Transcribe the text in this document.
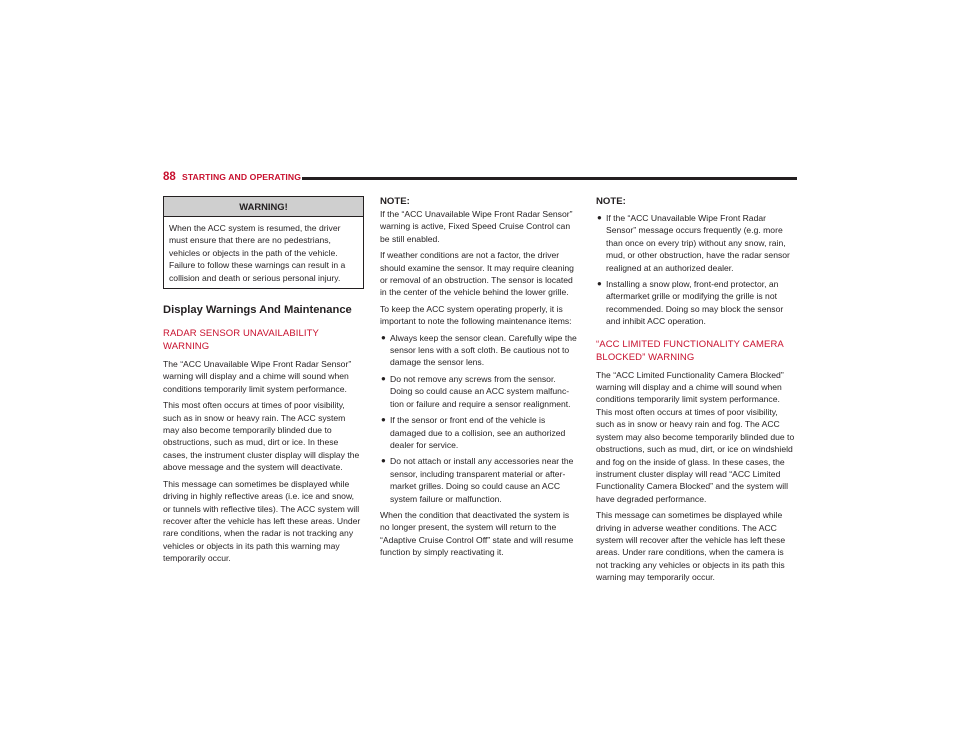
88 STARTING AND OPERATING
WARNING!
When the ACC system is resumed, the driver must ensure that there are no pedestrians, vehicles or objects in the path of the vehicle. Failure to follow these warnings can result in a collision and death or serious personal injury.
Display Warnings And Maintenance
RADAR SENSOR UNAVAILABILITY WARNING

The “ACC Unavailable Wipe Front Radar Sensor” warning will display and a chime will sound when conditions temporarily limit system performance.

This most often occurs at times of poor visibility, such as in snow or heavy rain. The ACC system may also become temporarily blinded due to obstructions, such as mud, dirt or ice. In these cases, the instrument cluster display will display the above message and the system will deactivate.

This message can sometimes be displayed while driving in highly reflective areas (i.e. ice and snow, or tunnels with reflective tiles). The ACC system will recover after the vehicle has left these areas. Under rare conditions, when the radar is not tracking any vehicles or objects in its path this warning may temporarily occur.

NOTE:

If the “ACC Unavailable Wipe Front Radar Sensor” warning is active, Fixed Speed Cruise Control can be still enabled.

If weather conditions are not a factor, the driver should examine the sensor. It may require cleaning or removal of an obstruction. The sensor is located in the center of the vehicle behind the lower grille.

To keep the ACC system operating properly, it is important to note the following maintenance items:

● Always keep the sensor clean. Carefully wipe the sensor lens with a soft cloth. Be cautious not to damage the sensor lens.
● Do not remove any screws from the sensor. Doing so could cause an ACC system malfunc-tion or failure and require a sensor realignment.
● If the sensor or front end of the vehicle is damaged due to a collision, see an authorized dealer for service.
● Do not attach or install any accessories near the sensor, including transparent material or after-market grilles. Doing so could cause an ACC system failure or malfunction.

When the condition that deactivated the system is no longer present, the system will return to the “Adaptive Cruise Control Off” state and will resume function by simply reactivating it.

NOTE:
● If the “ACC Unavailable Wipe Front Radar Sensor” message occurs frequently (e.g. more than once on every trip) without any snow, rain, mud, or other obstruction, have the radar sensor realigned at an authorized dealer.
● Installing a snow plow, front-end protector, an aftermarket grille or modifying the grille is not recommended. Doing so may block the sensor and inhibit ACC operation.
“ACC LIMITED FUNCTIONALITY CAMERA BLOCKED” WARNING

The “ACC Limited Functionality Camera Blocked” warning will display and a chime will sound when conditions temporarily limit system performance. This most often occurs at times of poor visibility, such as in snow or heavy rain and fog. The ACC system may also become temporarily blinded due to obstructions, such as mud, dirt, or ice on windshield and fog on the inside of glass. In these cases, the instrument cluster display will read “ACC Limited Functionality Camera Blocked” and the system will have degraded performance.

This message can sometimes be displayed while driving in adverse weather conditions. The ACC system will recover after the vehicle has left these areas. Under rare conditions, when the camera is not tracking any vehicles or objects in its path this warning may temporarily occur.
